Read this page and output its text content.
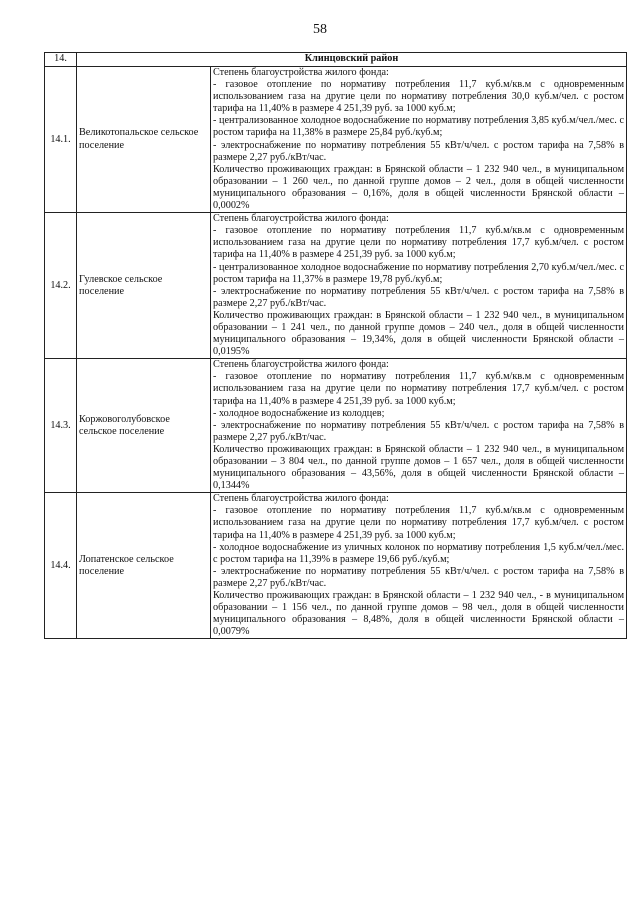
58
14.	Клинцовский район	
14.1.	Великотопальское сельское поселение	Степень благоустройства жилого фонда:

- газовое отопление по нормативу потребления 11,7 куб.м/кв.м с одновременным использованием газа на другие цели по нормативу потребления 30,0 куб.м/чел. с ростом тарифа на 11,40% в размере 4 251,39 руб. за 1000 куб.м;

- централизованное холодное водоснабжение по нормативу потребления 3,85 куб.м/чел./мес. с ростом тарифа на 11,38% в размере 25,84 руб./куб.м;

- электроснабжение по нормативу потребления 55 кВт/ч/чел. с ростом тарифа на 7,58% в размере 2,27 руб./кВт/час.

Количество проживающих граждан: в Брянской области – 1 232 940 чел., в муниципальном образовании – 1 260 чел., по данной группе домов – 2 чел., доля в общей численности муниципального образования – 0,16%, доля в общей численности Брянской области – 0,0002%

14.2.	Гулевское сельское поселение	Степень благоустройства жилого фонда:

- газовое отопление по нормативу потребления 11,7 куб.м/кв.м с одновременным использованием газа на другие цели по нормативу потребления 17,7 куб.м/чел. с ростом тарифа на 11,40% в размере 4 251,39 руб. за 1000 куб.м;

- централизованное холодное водоснабжение по нормативу потребления 2,70 куб.м/чел./мес. с ростом тарифа на 11,37% в размере 19,78 руб./куб.м;

- электроснабжение по нормативу потребления 55 кВт/ч/чел. с ростом тарифа на 7,58% в размере 2,27 руб./кВт/час.

Количество проживающих граждан: в Брянской области – 1 232 940 чел., в муниципальном образовании – 1 241 чел., по данной группе домов – 240 чел., доля в общей численности муниципального образования – 19,34%, доля в общей численности Брянской области – 0,0195%

14.3.	Коржовоголубовское сельское поселение	Степень благоустройства жилого фонда:

- газовое отопление по нормативу потребления 11,7 куб.м/кв.м с одновременным использованием газа на другие цели по нормативу потребления 17,7 куб.м/чел. с ростом тарифа на 11,40% в размере 4 251,39 руб. за 1000 куб.м;

- холодное водоснабжение из колодцев;

- электроснабжение по нормативу потребления 55 кВт/ч/чел. с ростом тарифа на 7,58% в размере 2,27 руб./кВт/час.

Количество проживающих граждан: в Брянской области – 1 232 940 чел., в муниципальном образовании – 3 804 чел., по данной группе домов – 1 657 чел., доля в общей численности муниципального образования – 43,56%, доля в общей численности Брянской области – 0,1344%

14.4.	Лопатенское сельское поселение	Степень благоустройства жилого фонда:

- газовое отопление по нормативу потребления 11,7 куб.м/кв.м с одновременным использованием газа на другие цели по нормативу потребления 17,7 куб.м/чел. с ростом тарифа на 11,40% в размере 4 251,39 руб. за 1000 куб.м;

- холодное водоснабжение из уличных колонок по нормативу потребления 1,5 куб.м/чел./мес. с ростом тарифа на 11,39% в размере 19,66 руб./куб.м;

- электроснабжение по нормативу потребления 55 кВт/ч/чел. с ростом тарифа на 7,58% в размере 2,27 руб./кВт/час.

Количество проживающих граждан: в Брянской области – 1 232 940 чел., - в муниципальном образовании – 1 156 чел., по данной группе домов – 98 чел., доля в общей численности муниципального образования – 8,48%, доля в общей численности Брянской области – 0,0079%
